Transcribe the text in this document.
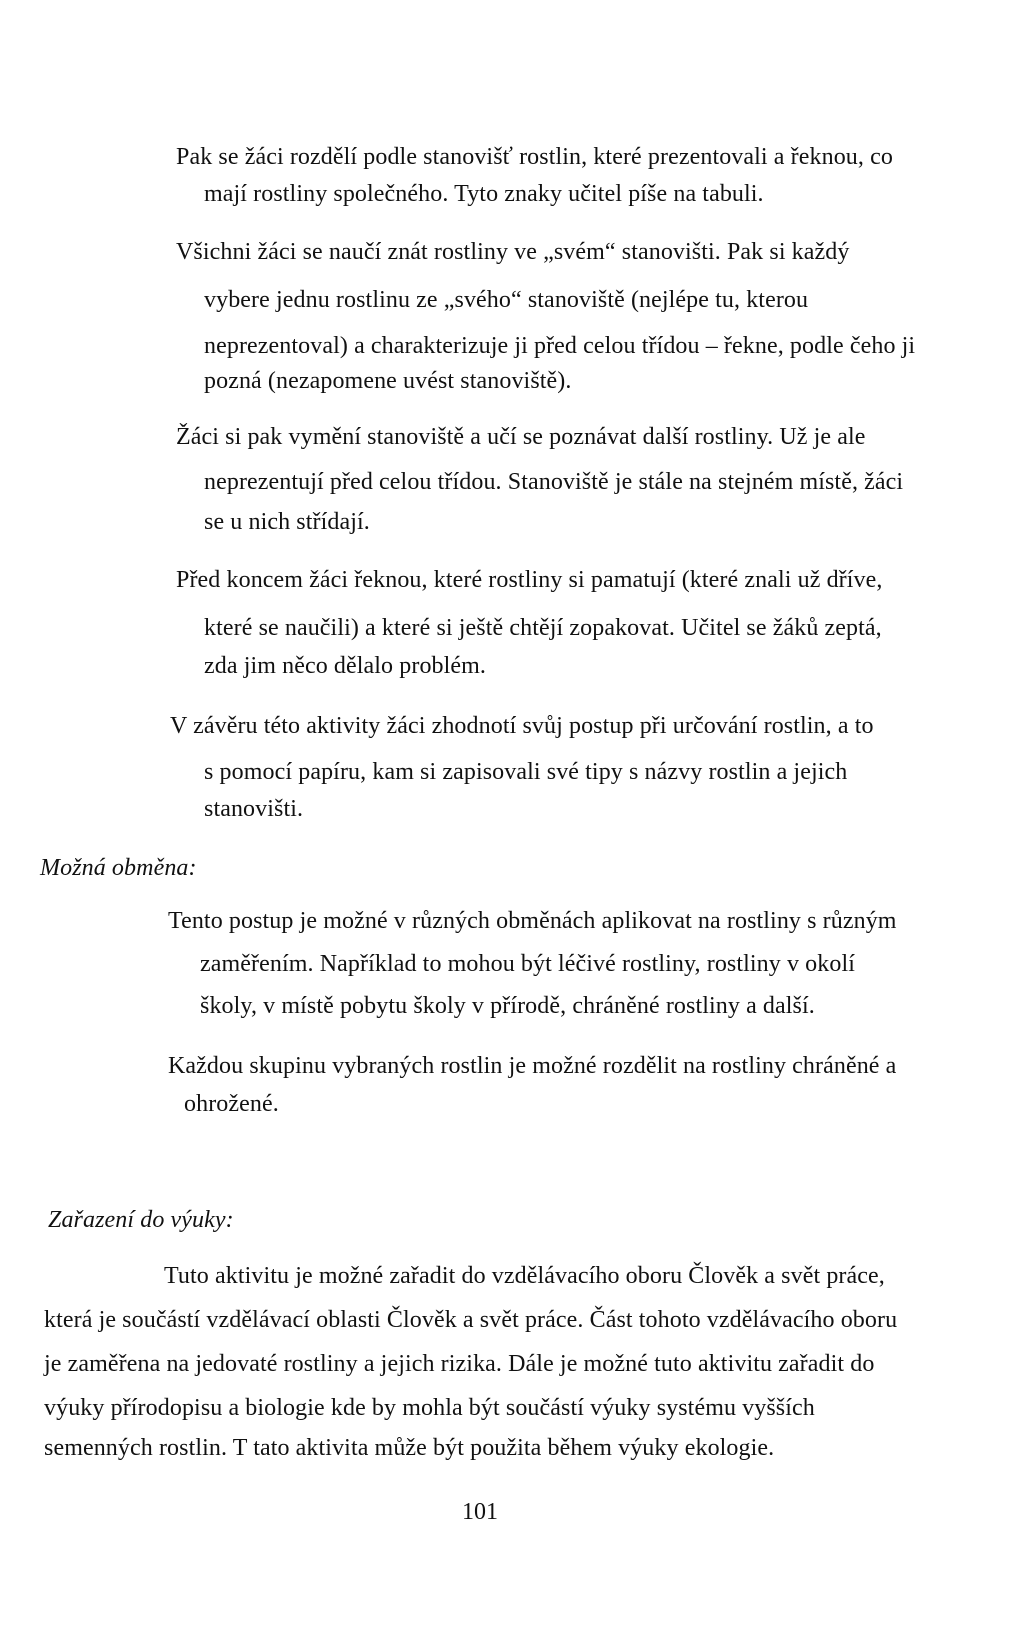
Pak se žáci rozdělí podle stanovišť rostlin, které prezentovali a řeknou, co
mají rostliny společného. Tyto znaky učitel píše na tabuli.
Všichni žáci se naučí znát rostliny ve „svém“ stanovišti. Pak si každý
vybere jednu rostlinu ze „svého“ stanoviště (nejlépe tu, kterou
neprezentoval) a charakterizuje ji před celou třídou – řekne, podle čeho ji
pozná (nezapomene uvést stanoviště).
Žáci si pak vymění stanoviště a učí se poznávat další rostliny. Už je ale
neprezentují před celou třídou. Stanoviště je stále na stejném místě, žáci
se u nich střídají.
Před koncem žáci řeknou, které rostliny si pamatují (které znali už dříve,
které se naučili) a které si ještě chtějí zopakovat. Učitel se žáků zeptá,
zda jim něco dělalo problém.
V závěru této aktivity žáci zhodnotí svůj postup při určování rostlin, a to
s pomocí papíru, kam si zapisovali své tipy s názvy rostlin a jejich
stanovišti.
Možná obměna:
Tento postup je možné v různých obměnách aplikovat na rostliny s různým
zaměřením. Například to mohou být léčivé rostliny, rostliny v okolí
školy, v místě pobytu školy v přírodě, chráněné rostliny a další.
Každou skupinu vybraných rostlin je možné rozdělit na rostliny chráněné a
ohrožené.
Zařazení do výuky:
Tuto aktivitu je možné zařadit do vzdělávacího oboru Člověk a svět práce,
která je součástí vzdělávací oblasti Člověk a svět práce. Část tohoto vzdělávacího oboru
je zaměřena na jedovaté rostliny a jejich rizika. Dále je možné tuto aktivitu zařadit do
výuky přírodopisu a biologie kde by mohla být součástí výuky systému vyšších
semenných rostlin. T tato aktivita může být použita během výuky ekologie.
101
